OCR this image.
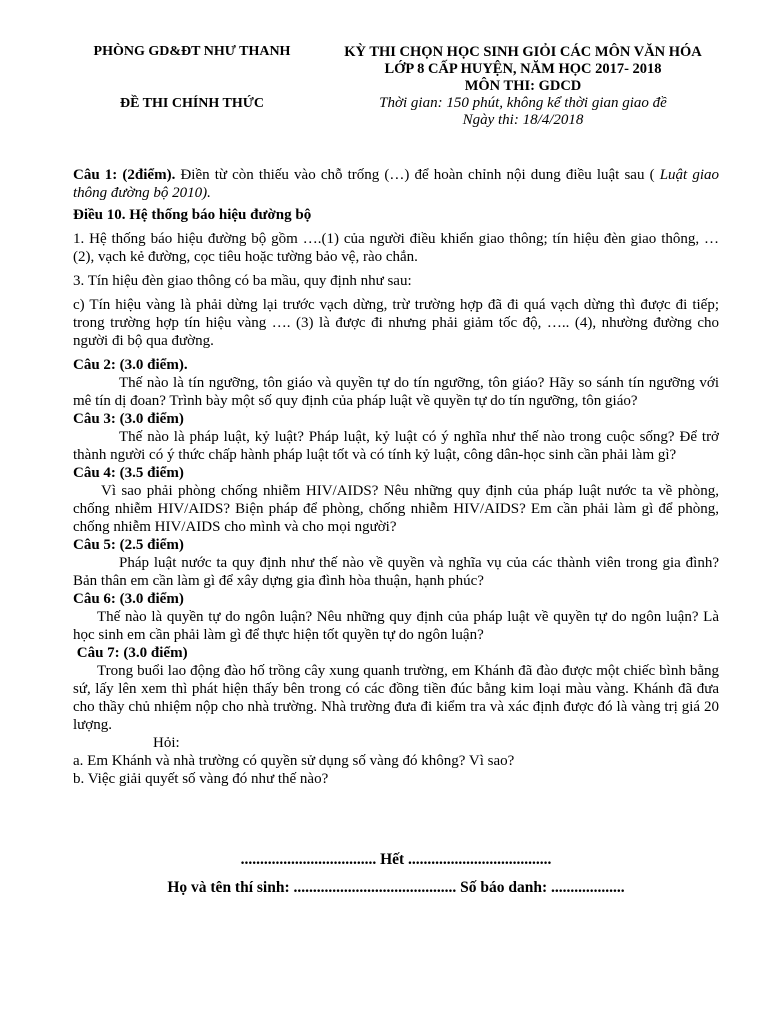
PHÒNG GD&ĐT NHƯ THANH
ĐỀ THI CHÍNH THỨC
KỲ THI CHỌN HỌC SINH GIỎI CÁC MÔN VĂN HÓA
LỚP 8 CẤP HUYỆN, NĂM HỌC 2017- 2018
MÔN THI: GDCD
Thời gian: 150 phút, không kể thời gian giao đề
Ngày thi: 18/4/2018

Câu 1: (2điểm). Điền từ còn thiếu vào chỗ trống (…) để hoàn chỉnh nội dung điều luật sau ( Luật giao thông đường bộ 2010).

Điều 10. Hệ thống báo hiệu đường bộ

1. Hệ thống báo hiệu đường bộ gồm ….(1) của người điều khiển giao thông; tín hiệu đèn giao thông, … (2), vạch kẻ đường, cọc tiêu hoặc tường bảo vệ, rào chắn.

3. Tín hiệu đèn giao thông có ba mầu, quy định như sau:

c) Tín hiệu vàng là phải dừng lại trước vạch dừng, trừ trường hợp đã đi quá vạch dừng thì được đi tiếp; trong trường hợp tín hiệu vàng …. (3) là được đi nhưng phải giảm tốc độ, ….. (4), nhường đường cho người đi bộ qua đường.

Câu 2: (3.0 điểm).

Thế nào là tín ngưỡng, tôn giáo và quyền tự do tín ngưỡng, tôn giáo? Hãy so sánh tín ngưỡng với mê tín dị đoan? Trình bày một số quy định của pháp luật về quyền tự do tín ngưỡng, tôn giáo?

Câu 3: (3.0 điểm)

Thế nào là pháp luật, kỷ luật? Pháp luật, kỷ luật có ý nghĩa như thế nào trong cuộc sống? Để trở thành người có ý thức chấp hành pháp luật tốt và có tính kỷ luật, công dân-học sinh cần phải làm gì?

Câu 4: (3.5 điểm)

Vì sao phải phòng chống nhiễm HIV/AIDS? Nêu những quy định của pháp luật nước ta về phòng, chống nhiễm HIV/AIDS? Biện pháp để phòng, chống nhiễm HIV/AIDS? Em cần phải làm gì để phòng, chống nhiễm HIV/AIDS cho mình và cho mọi người?

Câu 5: (2.5 điểm)

Pháp luật nước ta quy định như thế nào về quyền và nghĩa vụ của các thành viên trong gia đình? Bản thân em cần làm gì để xây dựng gia đình hòa thuận, hạnh phúc?

Câu 6: (3.0 điểm)

Thế nào là quyền tự do ngôn luận? Nêu những quy định của pháp luật về quyền tự do ngôn luận? Là học sinh em cần phải làm gì để thực hiện tốt quyền tự do ngôn luận?

Câu 7: (3.0 điểm)

Trong buổi lao động đào hố trồng cây xung quanh trường, em Khánh đã đào được một chiếc bình bằng sứ, lấy lên xem thì phát hiện thấy bên trong có các đồng tiền đúc bằng kim loại màu vàng. Khánh đã đưa cho thầy chủ nhiệm nộp cho nhà trường. Nhà trường đưa đi kiểm tra và xác định được đó là vàng trị giá 20 lượng.

Hỏi:

a. Em Khánh và nhà trường có quyền sử dụng số vàng đó không? Vì sao?

b. Việc giải quyết số vàng đó như thế nào?

................................... Hết .....................................
Họ và tên thí sinh: .......................................... Số báo danh: ...................
